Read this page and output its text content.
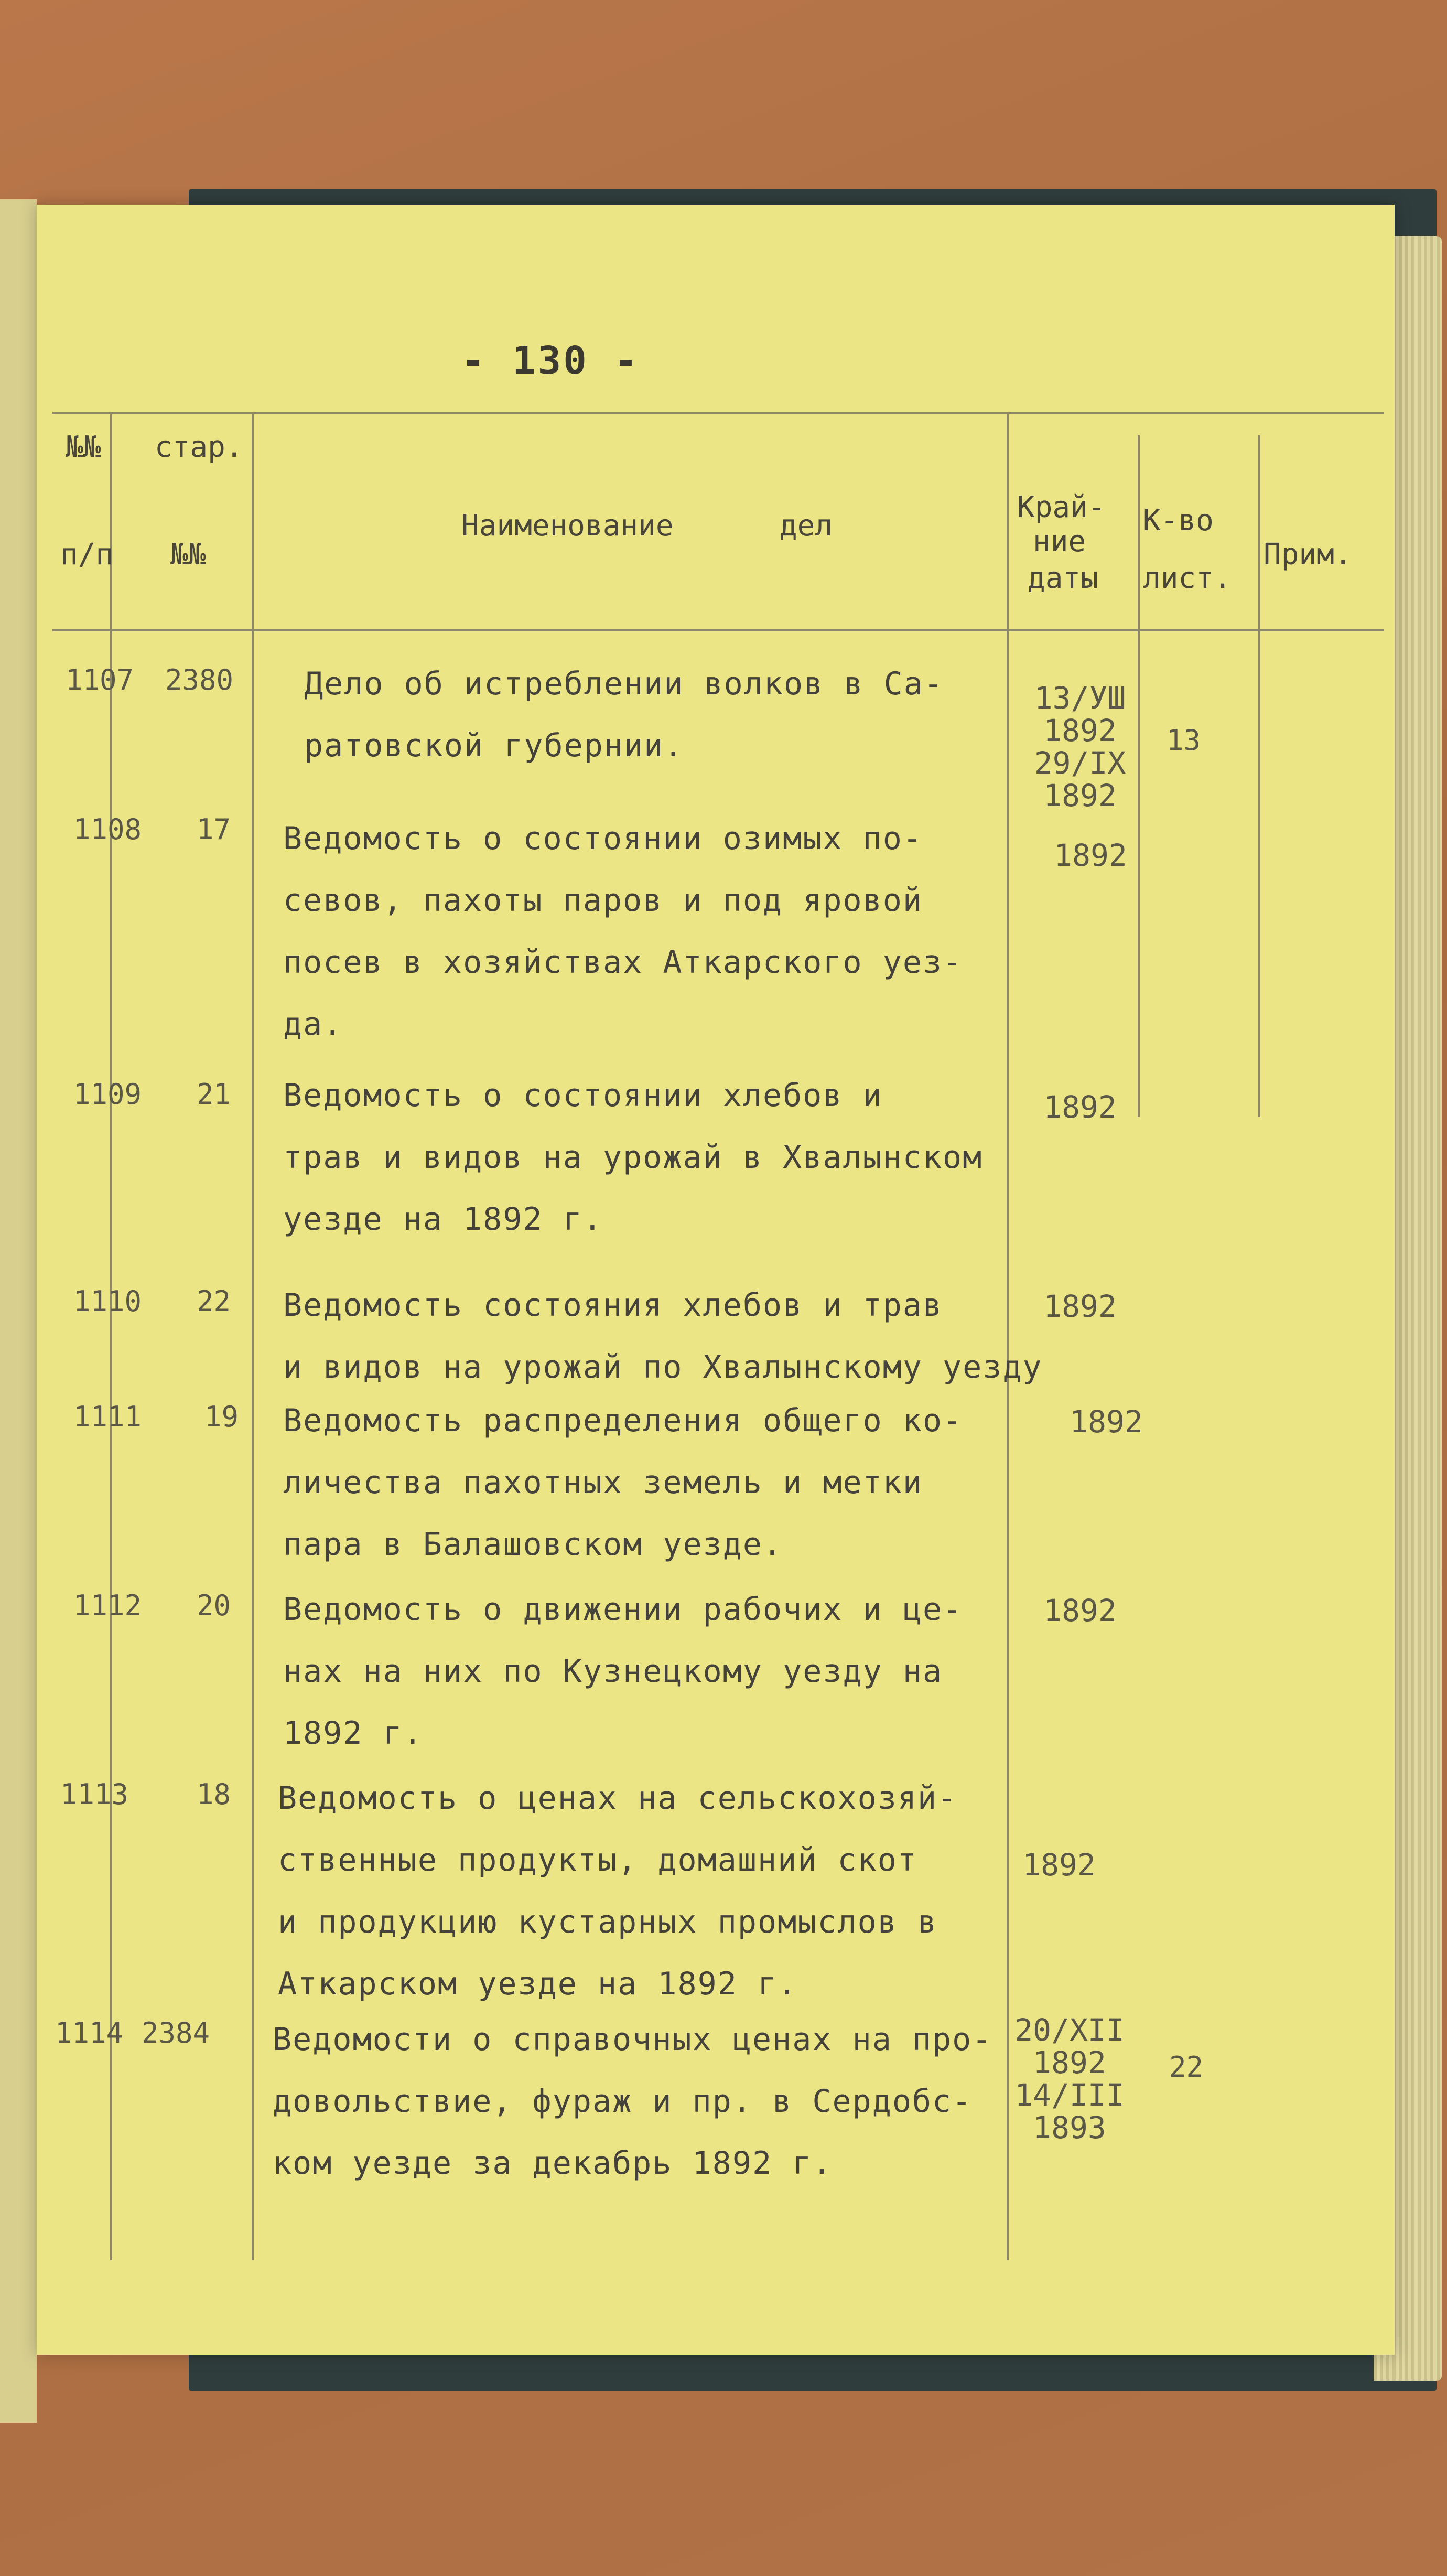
- 130 -
№№
п/п
стар.
№№
Наименование      дел
Край-
ние
даты
К-во
лист.
Прим.
1107 2380 Дело об истреблении волков в Са-
ратовской губернии.
13/УШ
1892
29/IX
1892
13
1108 17 Ведомость о состоянии озимых по-
севов, пахоты паров и под яровой
посев в хозяйствах Аткарского уез-
да.
1892
1109 21 Ведомость о состоянии хлебов и
трав и видов на урожай в Хвалынском
уезде на 1892 г.
1892
1110 22 Ведомость состояния хлебов и трав
и видов на урожай по Хвалынскому уезду
1892
1111 19 Ведомость распределения общего ко-
личества пахотных земель и метки
пара в Балашовском уезде.
1892
1112 20 Ведомость о движении рабочих и це-
нах на них по Кузнецкому уезду на
1892 г.
1892
1113 18 Ведомость о ценах на сельскохозяй-
ственные продукты, домашний скот
и продукцию кустарных промыслов в
Аткарском уезде на 1892 г.
1892
1114 2384 Ведомости о справочных ценах на про-
довольствие, фураж и пр. в Сердобс-
ком уезде за декабрь 1892 г.
20/XII
1892
14/III
1893
22
